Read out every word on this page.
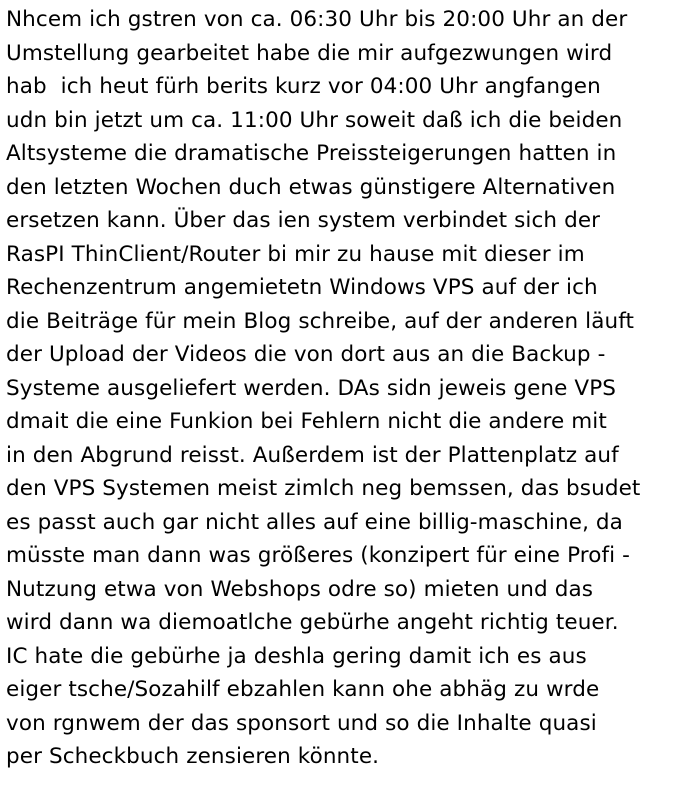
Nhcem ich gstren von ca. 06:30 Uhr bis 20:00 Uhr an der
Umstellung gearbeitet habe die mir aufgezwungen wird
hab  ich heut fürh berits kurz vor 04:00 Uhr angfangen
udn bin jetzt um ca. 11:00 Uhr soweit daß ich die beiden
Altsysteme die dramatische Preissteigerungen hatten in
den letzten Wochen duch etwas günstigere Alternativen
ersetzen kann. Über das ien system verbindet sich der
RasPI ThinClient/Router bi mir zu hause mit dieser im
Rechenzentrum angemietetn Windows VPS auf der ich
die Beiträge für mein Blog schreibe, auf der anderen läuft
der Upload der Videos die von dort aus an die Backup -
Systeme ausgeliefert werden. DAs sidn jeweis gene VPS
dmait die eine Funkion bei Fehlern nicht die andere mit
in den Abgrund reisst. Außerdem ist der Plattenplatz auf
den VPS Systemen meist zimlch neg bemssen, das bsudet
es passt auch gar nicht alles auf eine billig-maschine, da
müsste man dann was größeres (konzipert für eine Profi -
Nutzung etwa von Webshops odre so) mieten und das
wird dann wa diemoatlche gebürhe angeht richtig teuer.
IC hate die gebürhe ja deshla gering damit ich es aus
eiger tsche/Sozahilf ebzahlen kann ohe abhäg zu wrde
von rgnwem der das sponsort und so die Inhalte quasi
per Scheckbuch zensieren könnte.
